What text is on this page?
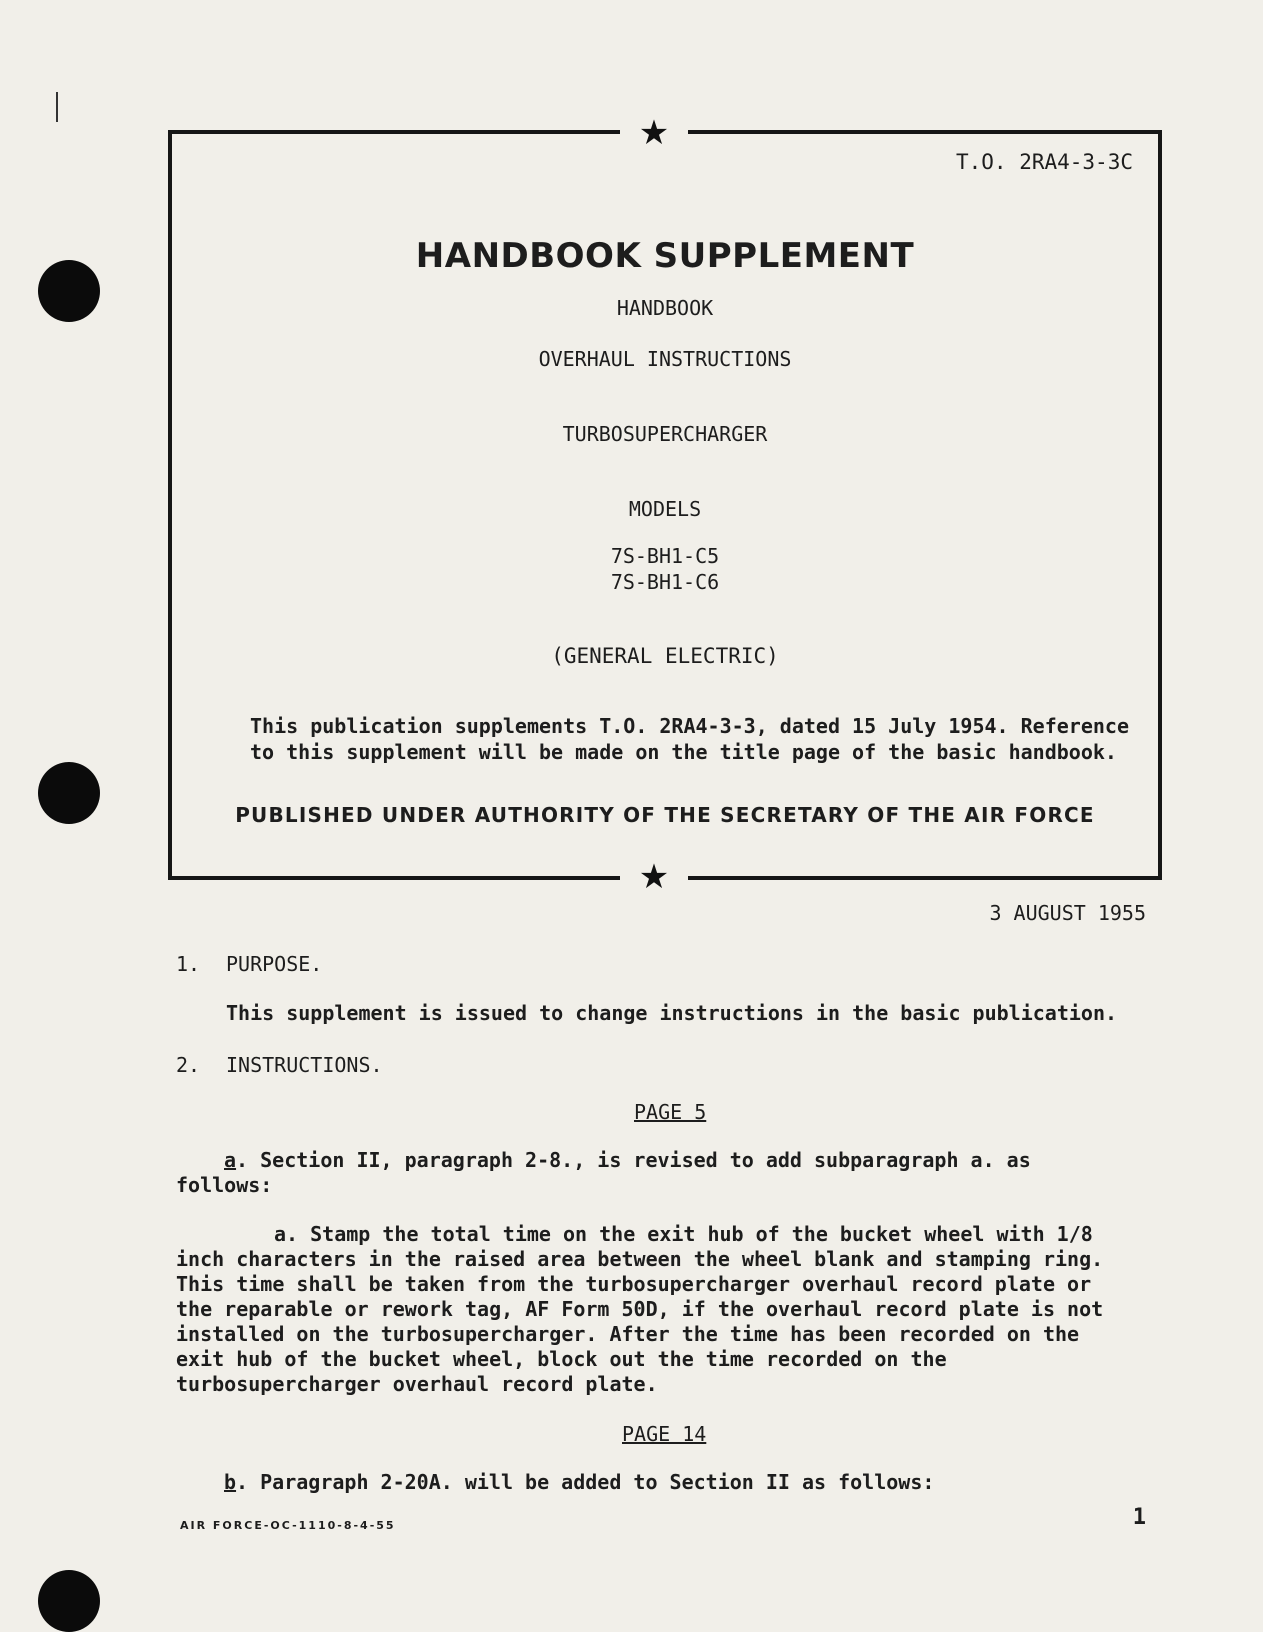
★
★
T.O. 2RA4-3-3C
HANDBOOK SUPPLEMENT
HANDBOOK
OVERHAUL INSTRUCTIONS
TURBOSUPERCHARGER
MODELS
7S-BH1-C5
7S-BH1-C6
(GENERAL ELECTRIC)
This publication supplements T.O. 2RA4-3-3, dated 15 July 1954. Reference to this supplement will be made on the title page of the basic handbook.
PUBLISHED UNDER AUTHORITY OF THE SECRETARY OF THE AIR FORCE
3 AUGUST 1955
1. PURPOSE.
This supplement is issued to change instructions in the basic publication.
2. INSTRUCTIONS.
PAGE 5
a. Section II, paragraph 2-8., is revised to add subparagraph a. as follows:
a. Stamp the total time on the exit hub of the bucket wheel with 1/8 inch characters in the raised area between the wheel blank and stamping ring. This time shall be taken from the turbosupercharger overhaul record plate or the reparable or rework tag, AF Form 50D, if the overhaul record plate is not installed on the turbosupercharger. After the time has been recorded on the exit hub of the bucket wheel, block out the time recorded on the turbosupercharger overhaul record plate.
PAGE 14
b. Paragraph 2-20A. will be added to Section II as follows:
AIR FORCE-OC-1110-8-4-55	1
